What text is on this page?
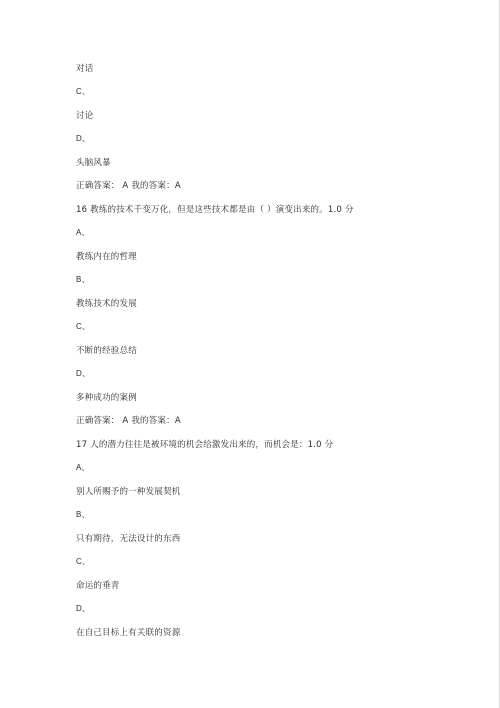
对话
C、
讨论
D、
头脑风暴
正确答案： A 我的答案：A
16 教练的技术千变万化，但是这些技术都是由（ ）演变出来的。1.0 分
A、
教练内在的哲理
B、
教练技术的发展
C、
不断的经验总结
D、
多种成功的案例
正确答案： A 我的答案：A
17 人的潜力往往是被环境的机会给激发出来的，而机会是：1.0 分
A、
别人所赐予的一种发展契机
B、
只有期待，无法设计的东西
C、
命运的垂青
D、
在自己目标上有关联的资源
